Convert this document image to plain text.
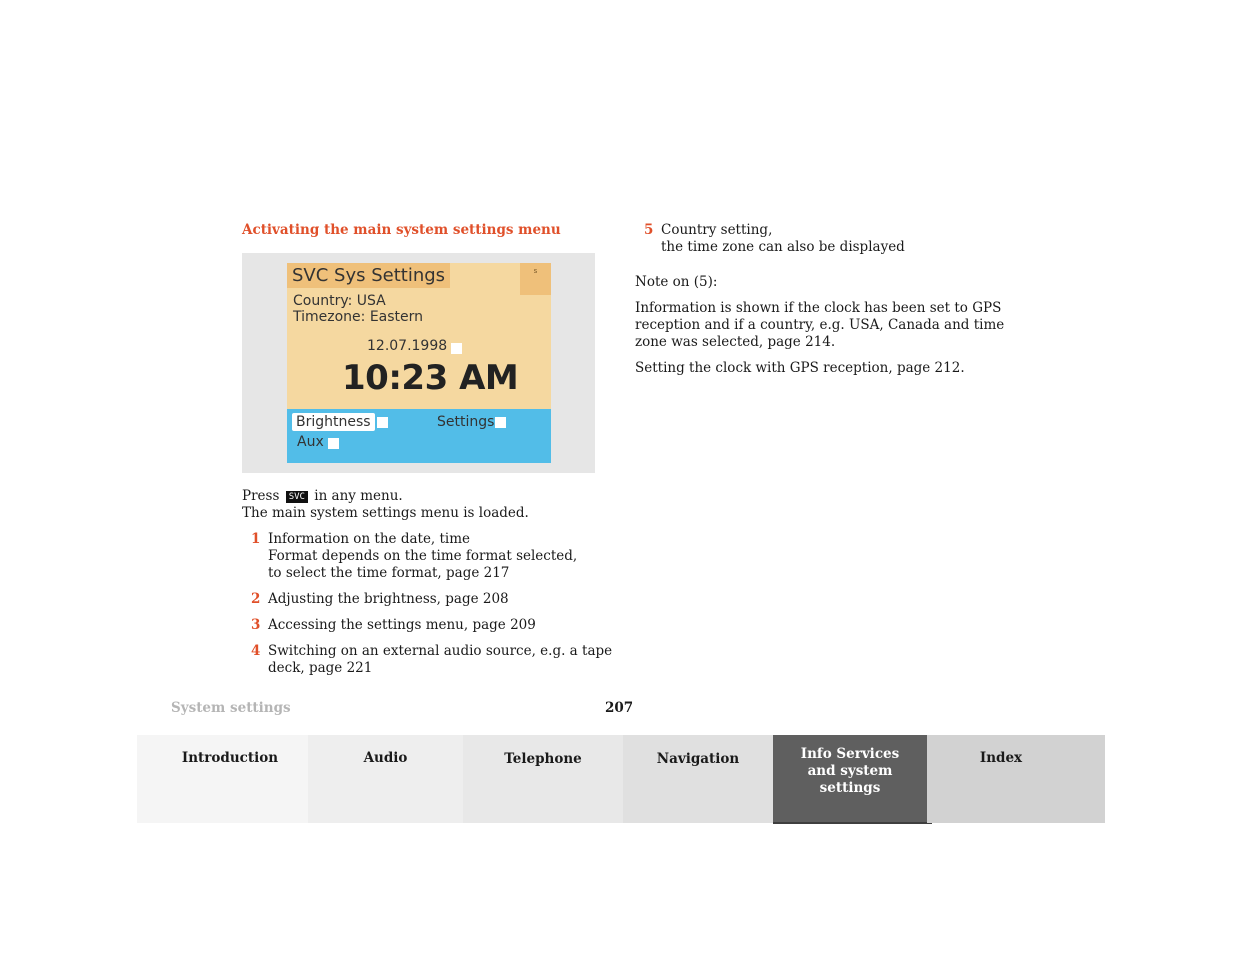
Activating the main system settings menu
SVC Sys Settings	s
Country: USA
Timezone: Eastern
12.07.1998
10:23 AM
Brightness	Settings
Aux
Press SVC in any menu.
The main system settings menu is loaded.
1 Information on the date, time
Format depends on the time format selected,
to select the time format, page 217
2 Adjusting the brightness, page 208
3 Accessing the settings menu, page 209
4 Switching on an external audio source, e.g. a tape
deck, page 221
5 Country setting,
the time zone can also be displayed
Note on (5):
Information is shown if the clock has been set to GPS
reception and if a country, e.g. USA, Canada and time
zone was selected, page 214.
Setting the clock with GPS reception, page 212.
System settings	207
Introduction	Audio	Telephone	Navigation	Info Services and system settings
Index
